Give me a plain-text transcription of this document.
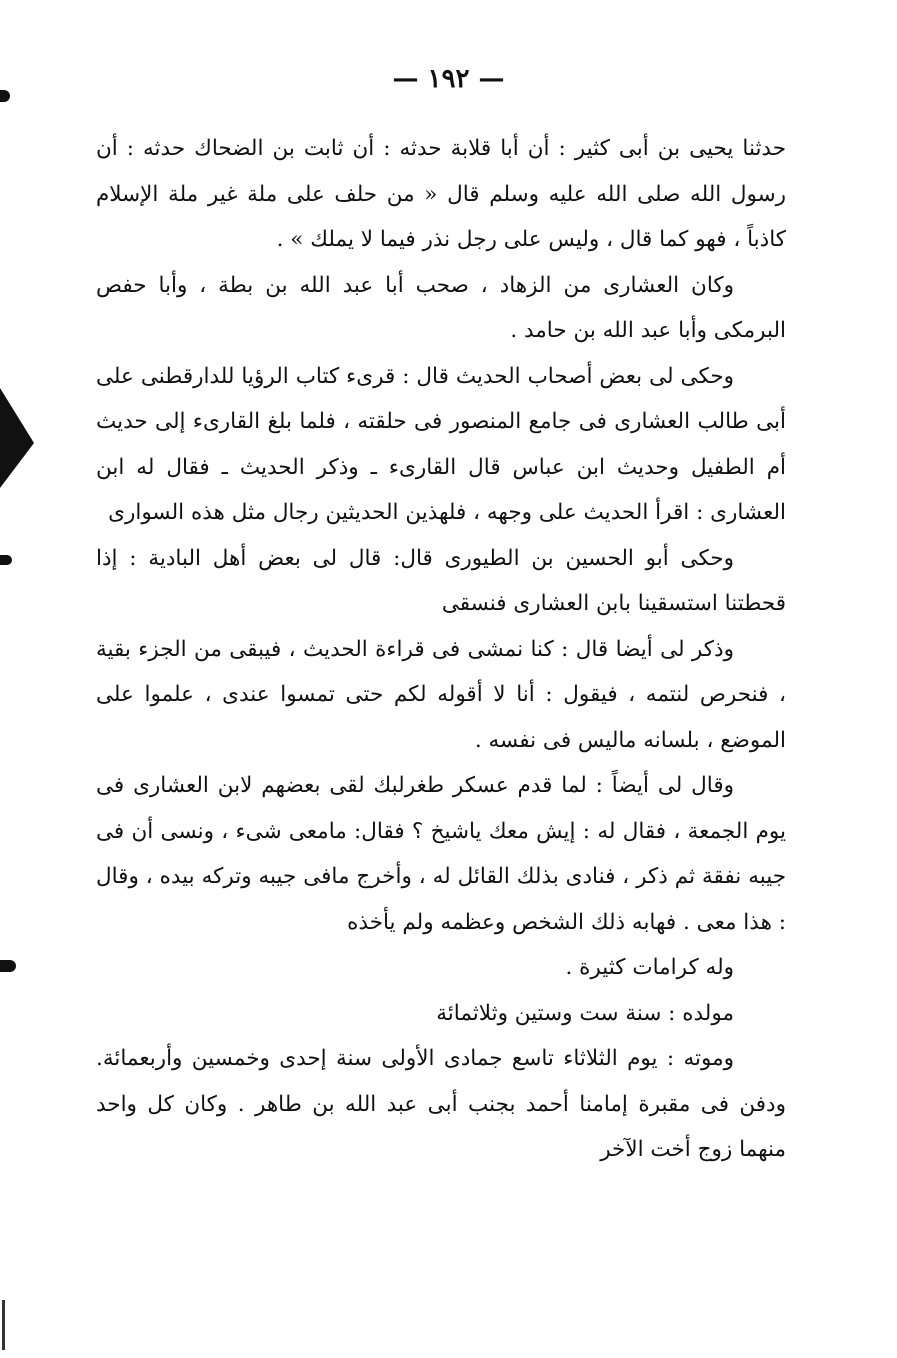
— ١٩٢ —

حدثنا يحيى بن أبى كثير : أن أبا قلابة حدثه : أن ثابت بن الضحاك حدثه : أن رسول الله صلى الله عليه وسلم قال « من حلف على ملة غير ملة الإسلام كاذباً ، فهو كما قال ، وليس على رجل نذر فيما لا يملك » .

وكان العشارى من الزهاد ، صحب أبا عبد الله بن بطة ، وأبا حفص البرمكى وأبا عبد الله بن حامد .

وحكى لى بعض أصحاب الحديث قال : قرىء كتاب الرؤيا للدارقطنى على أبى طالب العشارى فى جامع المنصور فى حلقته ، فلما بلغ القارىء إلى حديث أم الطفيل وحديث ابن عباس قال القارىء ـ وذكر الحديث ـ فقال له ابن العشارى : اقرأ الحديث على وجهه ، فلهذين الحديثين رجال مثل هذه السوارى

وحكى أبو الحسين بن الطيورى قال: قال لى بعض أهل البادية : إذا قحطتنا استسقينا بابن العشارى فنسقى

وذكر لى أيضا قال : كنا نمشى فى قراءة الحديث ، فيبقى من الجزء بقية ، فنحرص لنتمه ، فيقول : أنا لا أقوله لكم حتى تمسوا عندى ، علموا على الموضع ، بلسانه ماليس فى نفسه .

وقال لى أيضاً : لما قدم عسكر طغرلبك لقى بعضهم لابن العشارى فى يوم الجمعة ، فقال له : إيش معك ياشيخ ؟ فقال: مامعى شىء ، ونسى أن فى جيبه نفقة ثم ذكر ، فنادى بذلك القائل له ، وأخرج مافى جيبه وتركه بيده ، وقال : هذا معى . فهابه ذلك الشخص وعظمه ولم يأخذه

وله كرامات كثيرة .

مولده : سنة ست وستين وثلاثمائة

وموته : يوم الثلاثاء تاسع جمادى الأولى سنة إحدى وخمسين وأربعمائة. ودفن فى مقبرة إمامنا أحمد بجنب أبى عبد الله بن طاهر . وكان كل واحد منهما زوج أخت الآخر
